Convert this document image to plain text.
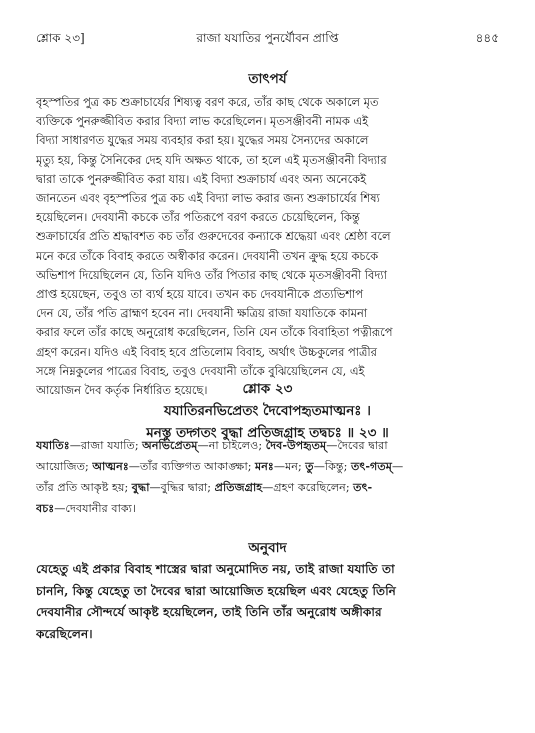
শ্লোক ২৩]	রাজা যযাতির পুনর্যৌবন প্রাপ্তি	৪৪৫
তাৎপর্য
বৃহস্পতির পুত্র কচ শুক্রাচার্যের শিষ্যত্ব বরণ করে, তাঁর কাছ থেকে অকালে মৃত
ব্যক্তিকে পুনরুজ্জীবিত করার বিদ্যা লাভ করেছিলেন। মৃতসঞ্জীবনী নামক এই
বিদ্যা সাধারণত যুদ্ধের সময় ব্যবহার করা হয়। যুদ্ধের সময় সৈন্যদের অকালে
মৃত্যু হয়, কিন্তু সৈনিকের দেহ যদি অক্ষত থাকে, তা হলে এই মৃতসঞ্জীবনী বিদ্যার
দ্বারা তাকে পুনরুজ্জীবিত করা যায়। এই বিদ্যা শুক্রাচার্য এবং অন্য অনেকেই
জানতেন এবং বৃহস্পতির পুত্র কচ এই বিদ্যা লাভ করার জন্য শুক্রাচার্যের শিষ্য
হয়েছিলেন। দেবযানী কচকে তাঁর পতিরূপে বরণ করতে চেয়েছিলেন, কিন্তু
শুক্রাচার্যের প্রতি শ্রদ্ধাবশত কচ তাঁর গুরুদেবের কন্যাকে শ্রদ্ধেয়া এবং শ্রেষ্ঠা বলে
মনে করে তাঁকে বিবাহ করতে অস্বীকার করেন। দেবযানী তখন ক্রুদ্ধ হয়ে কচকে
অভিশাপ দিয়েছিলেন যে, তিনি যদিও তাঁর পিতার কাছ থেকে মৃতসঞ্জীবনী বিদ্যা
প্রাপ্ত হয়েছেন, তবুও তা ব্যর্থ হয়ে যাবে। তখন কচ দেবযানীকে প্রত্যভিশাপ
দেন যে, তাঁর পতি ব্রাহ্মণ হবেন না। দেবযানী ক্ষত্রিয় রাজা যযাতিকে কামনা
করার ফলে তাঁর কাছে অনুরোধ করেছিলেন, তিনি যেন তাঁকে বিবাহিতা পত্নীরূপে
গ্রহণ করেন। যদিও এই বিবাহ হবে প্রতিলোম বিবাহ, অর্থাৎ উচ্চকুলের পাত্রীর
সঙ্গে নিম্নকুলের পাত্রের বিবাহ, তবুও দেবযানী তাঁকে বুঝিয়েছিলেন যে, এই
আয়োজন দৈব কর্তৃক নির্ধারিত হয়েছে।	শ্লোক ২৩
যযাতিরনভিপ্রেতং দৈবোপহৃতমাত্মনঃ ।
মনস্তু তদ্গতং বুদ্ধা প্রতিজগ্রাহ তদ্বচঃ ॥ ২৩ ॥
যযাতিঃ—রাজা যযাতি; অনভিপ্রেতম্—না চাইলেও; দৈব-উপহৃতম্—দৈবের দ্বারা
আয়োজিত; আত্মনঃ—তাঁর ব্যক্তিগত আকাঙ্ক্ষা; মনঃ—মন; তু—কিন্তু; তৎ-গতম্—
তাঁর প্রতি আকৃষ্ট হয়; বুদ্ধা—বুদ্ধির দ্বারা; প্রতিজগ্রাহ—গ্রহণ করেছিলেন; তৎ-
বচঃ—দেবযানীর বাক্য।
অনুবাদ
যেহেতু এই প্রকার বিবাহ শাস্ত্রের দ্বারা অনুমোদিত নয়, তাই রাজা যযাতি তা
চাননি, কিন্তু যেহেতু তা দৈবের দ্বারা আয়োজিত হয়েছিল এবং যেহেতু তিনি
দেবযানীর সৌন্দর্যে আকৃষ্ট হয়েছিলেন, তাই তিনি তাঁর অনুরোধ অঙ্গীকার
করেছিলেন।
